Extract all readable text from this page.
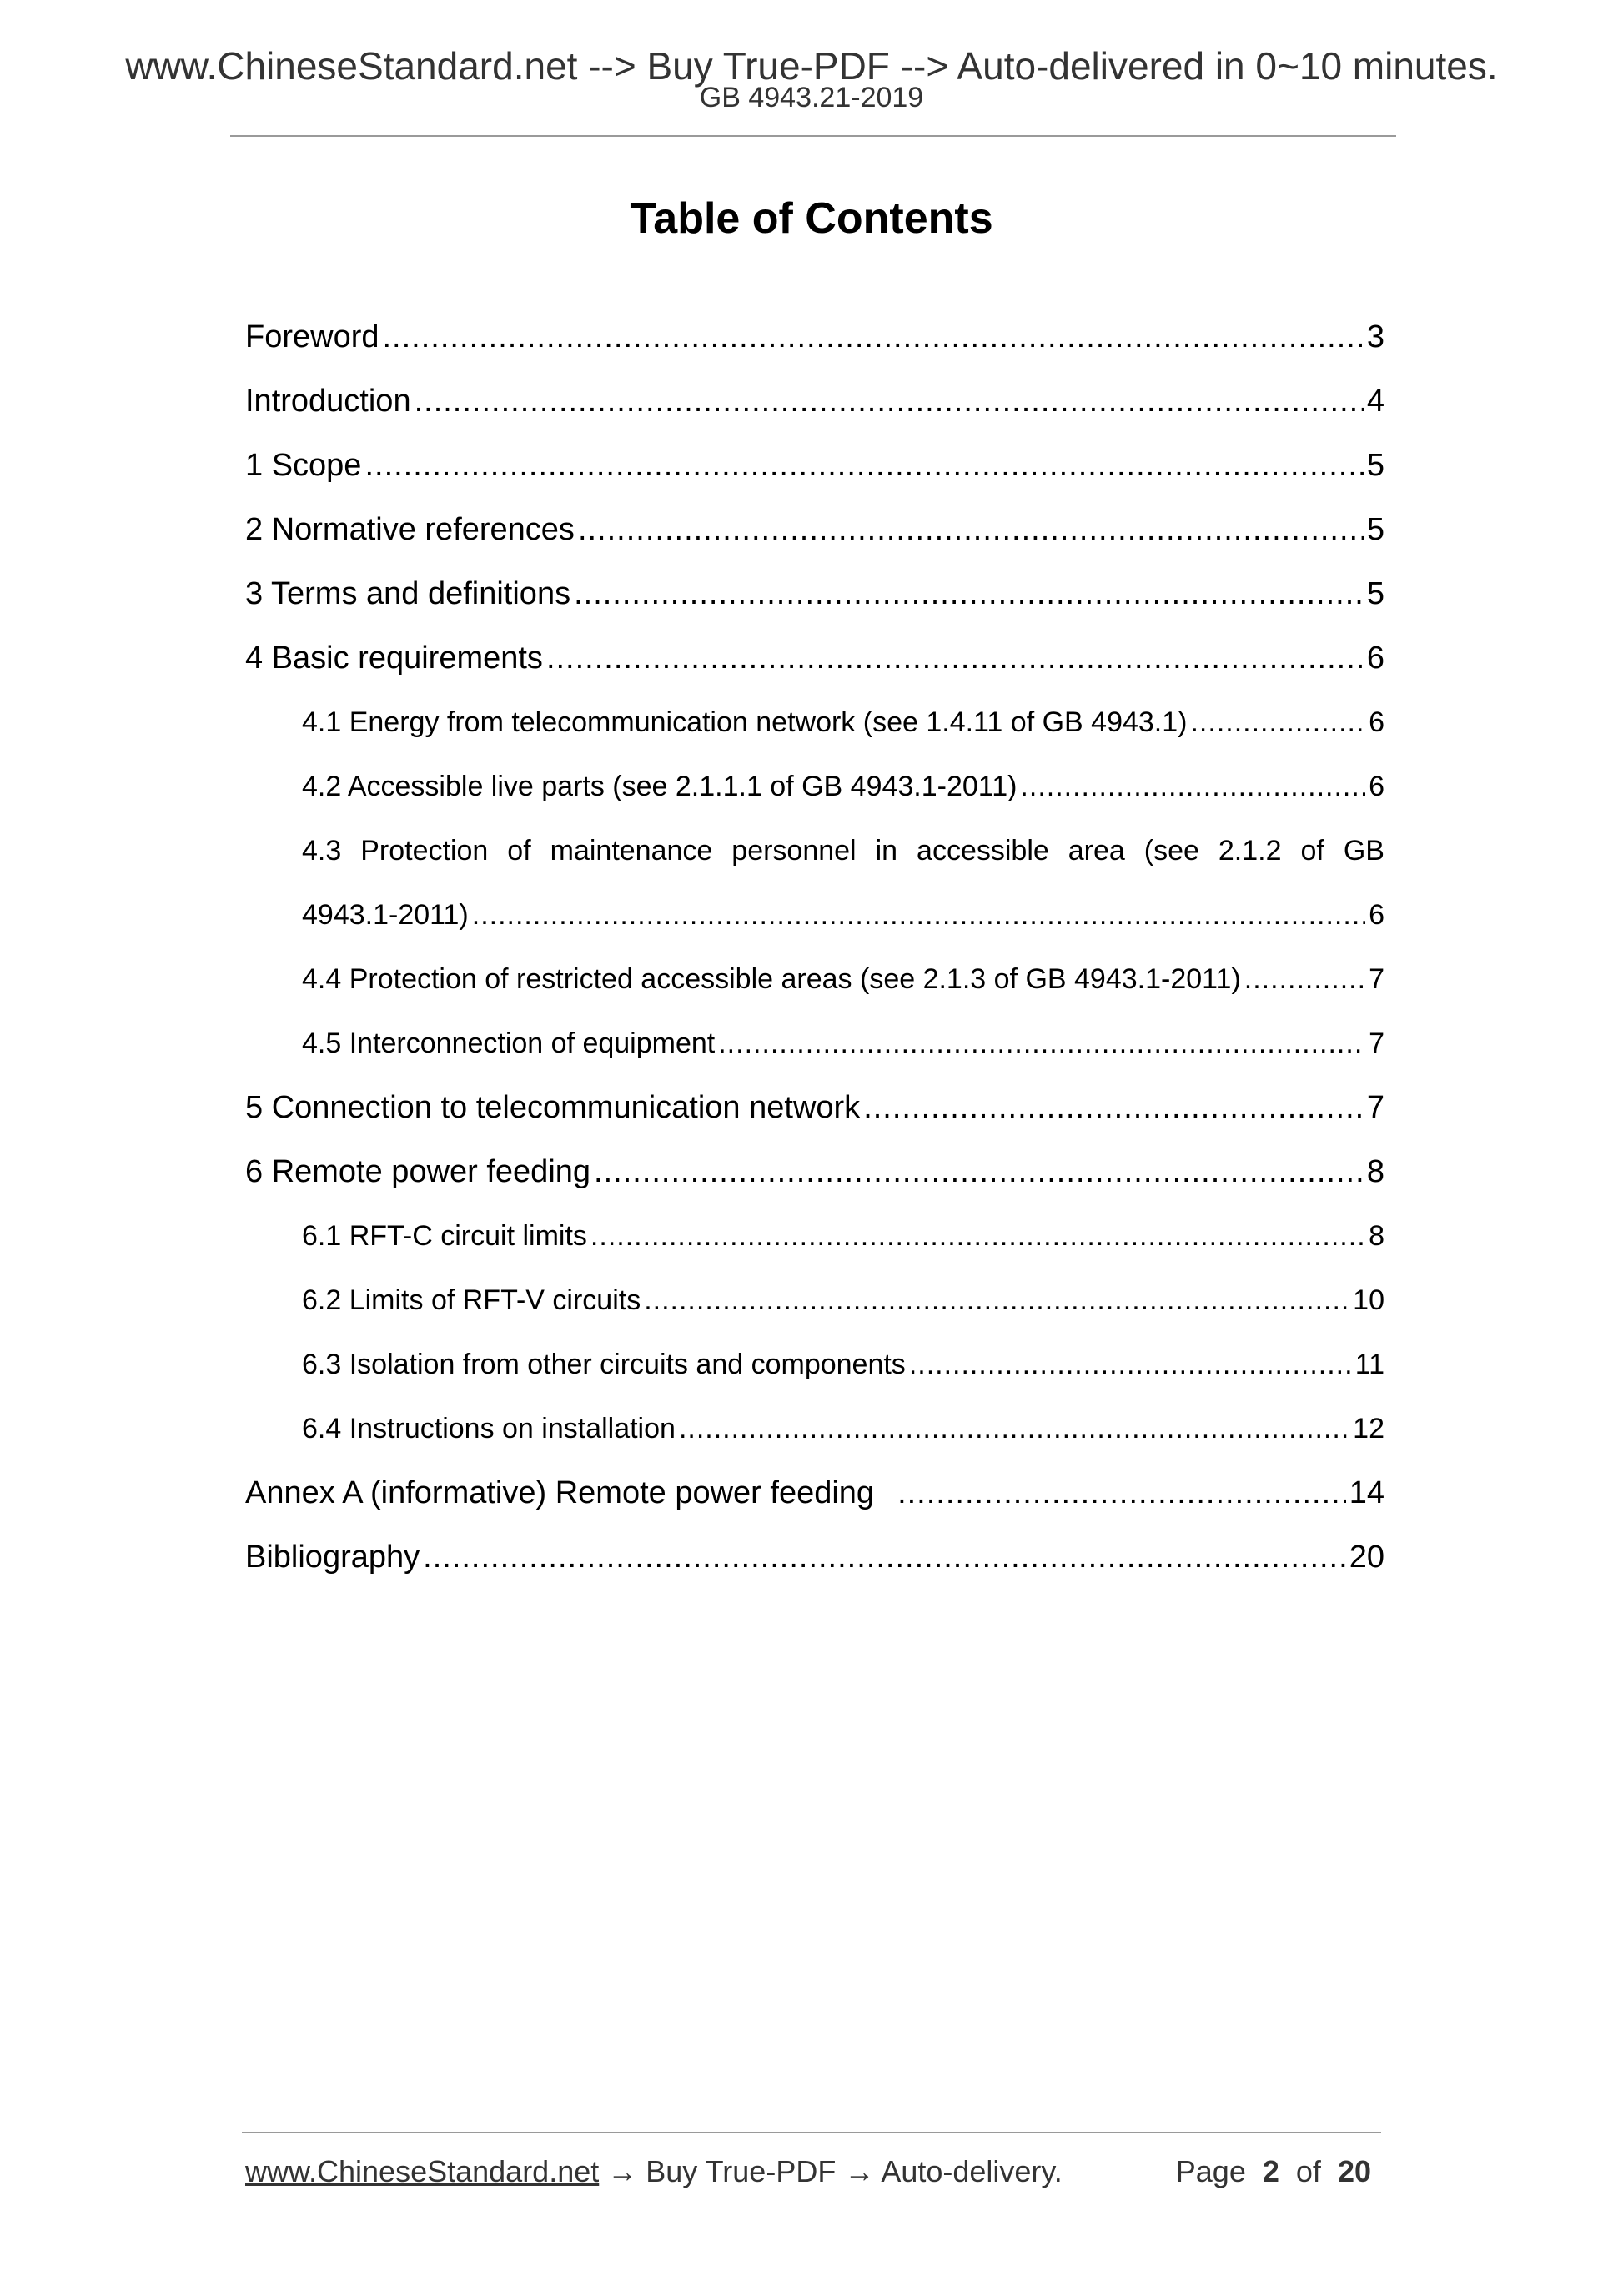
www.ChineseStandard.net --> Buy True-PDF --> Auto-delivered in 0~10 minutes.
GB 4943.21-2019
Table of Contents
Foreword .....	3
Introduction .....	4
1 Scope .....	5
2 Normative references .....	5
3 Terms and definitions .....	5
4 Basic requirements .....	6
4.1 Energy from telecommunication network (see 1.4.11 of GB 4943.1) .....	6
4.2 Accessible live parts (see 2.1.1.1 of GB 4943.1-2011) .....	6
4.3 Protection of maintenance personnel in accessible area (see 2.1.2 of GB
4943.1-2011) .....	6
4.4 Protection of restricted accessible areas (see 2.1.3 of GB 4943.1-2011) .....	7
4.5 Interconnection of equipment .....	7
5 Connection to telecommunication network .....	7
6 Remote power feeding .....	8
6.1 RFT-C circuit limits .....	8
6.2 Limits of RFT-V circuits .....	10
6.3 Isolation from other circuits and components .....	11
6.4 Instructions on installation .....	12
Annex A (informative) Remote power feeding .....	14
Bibliography .....	20
www.ChineseStandard.net → Buy True-PDF → Auto-delivery.	Page 2 of 20
